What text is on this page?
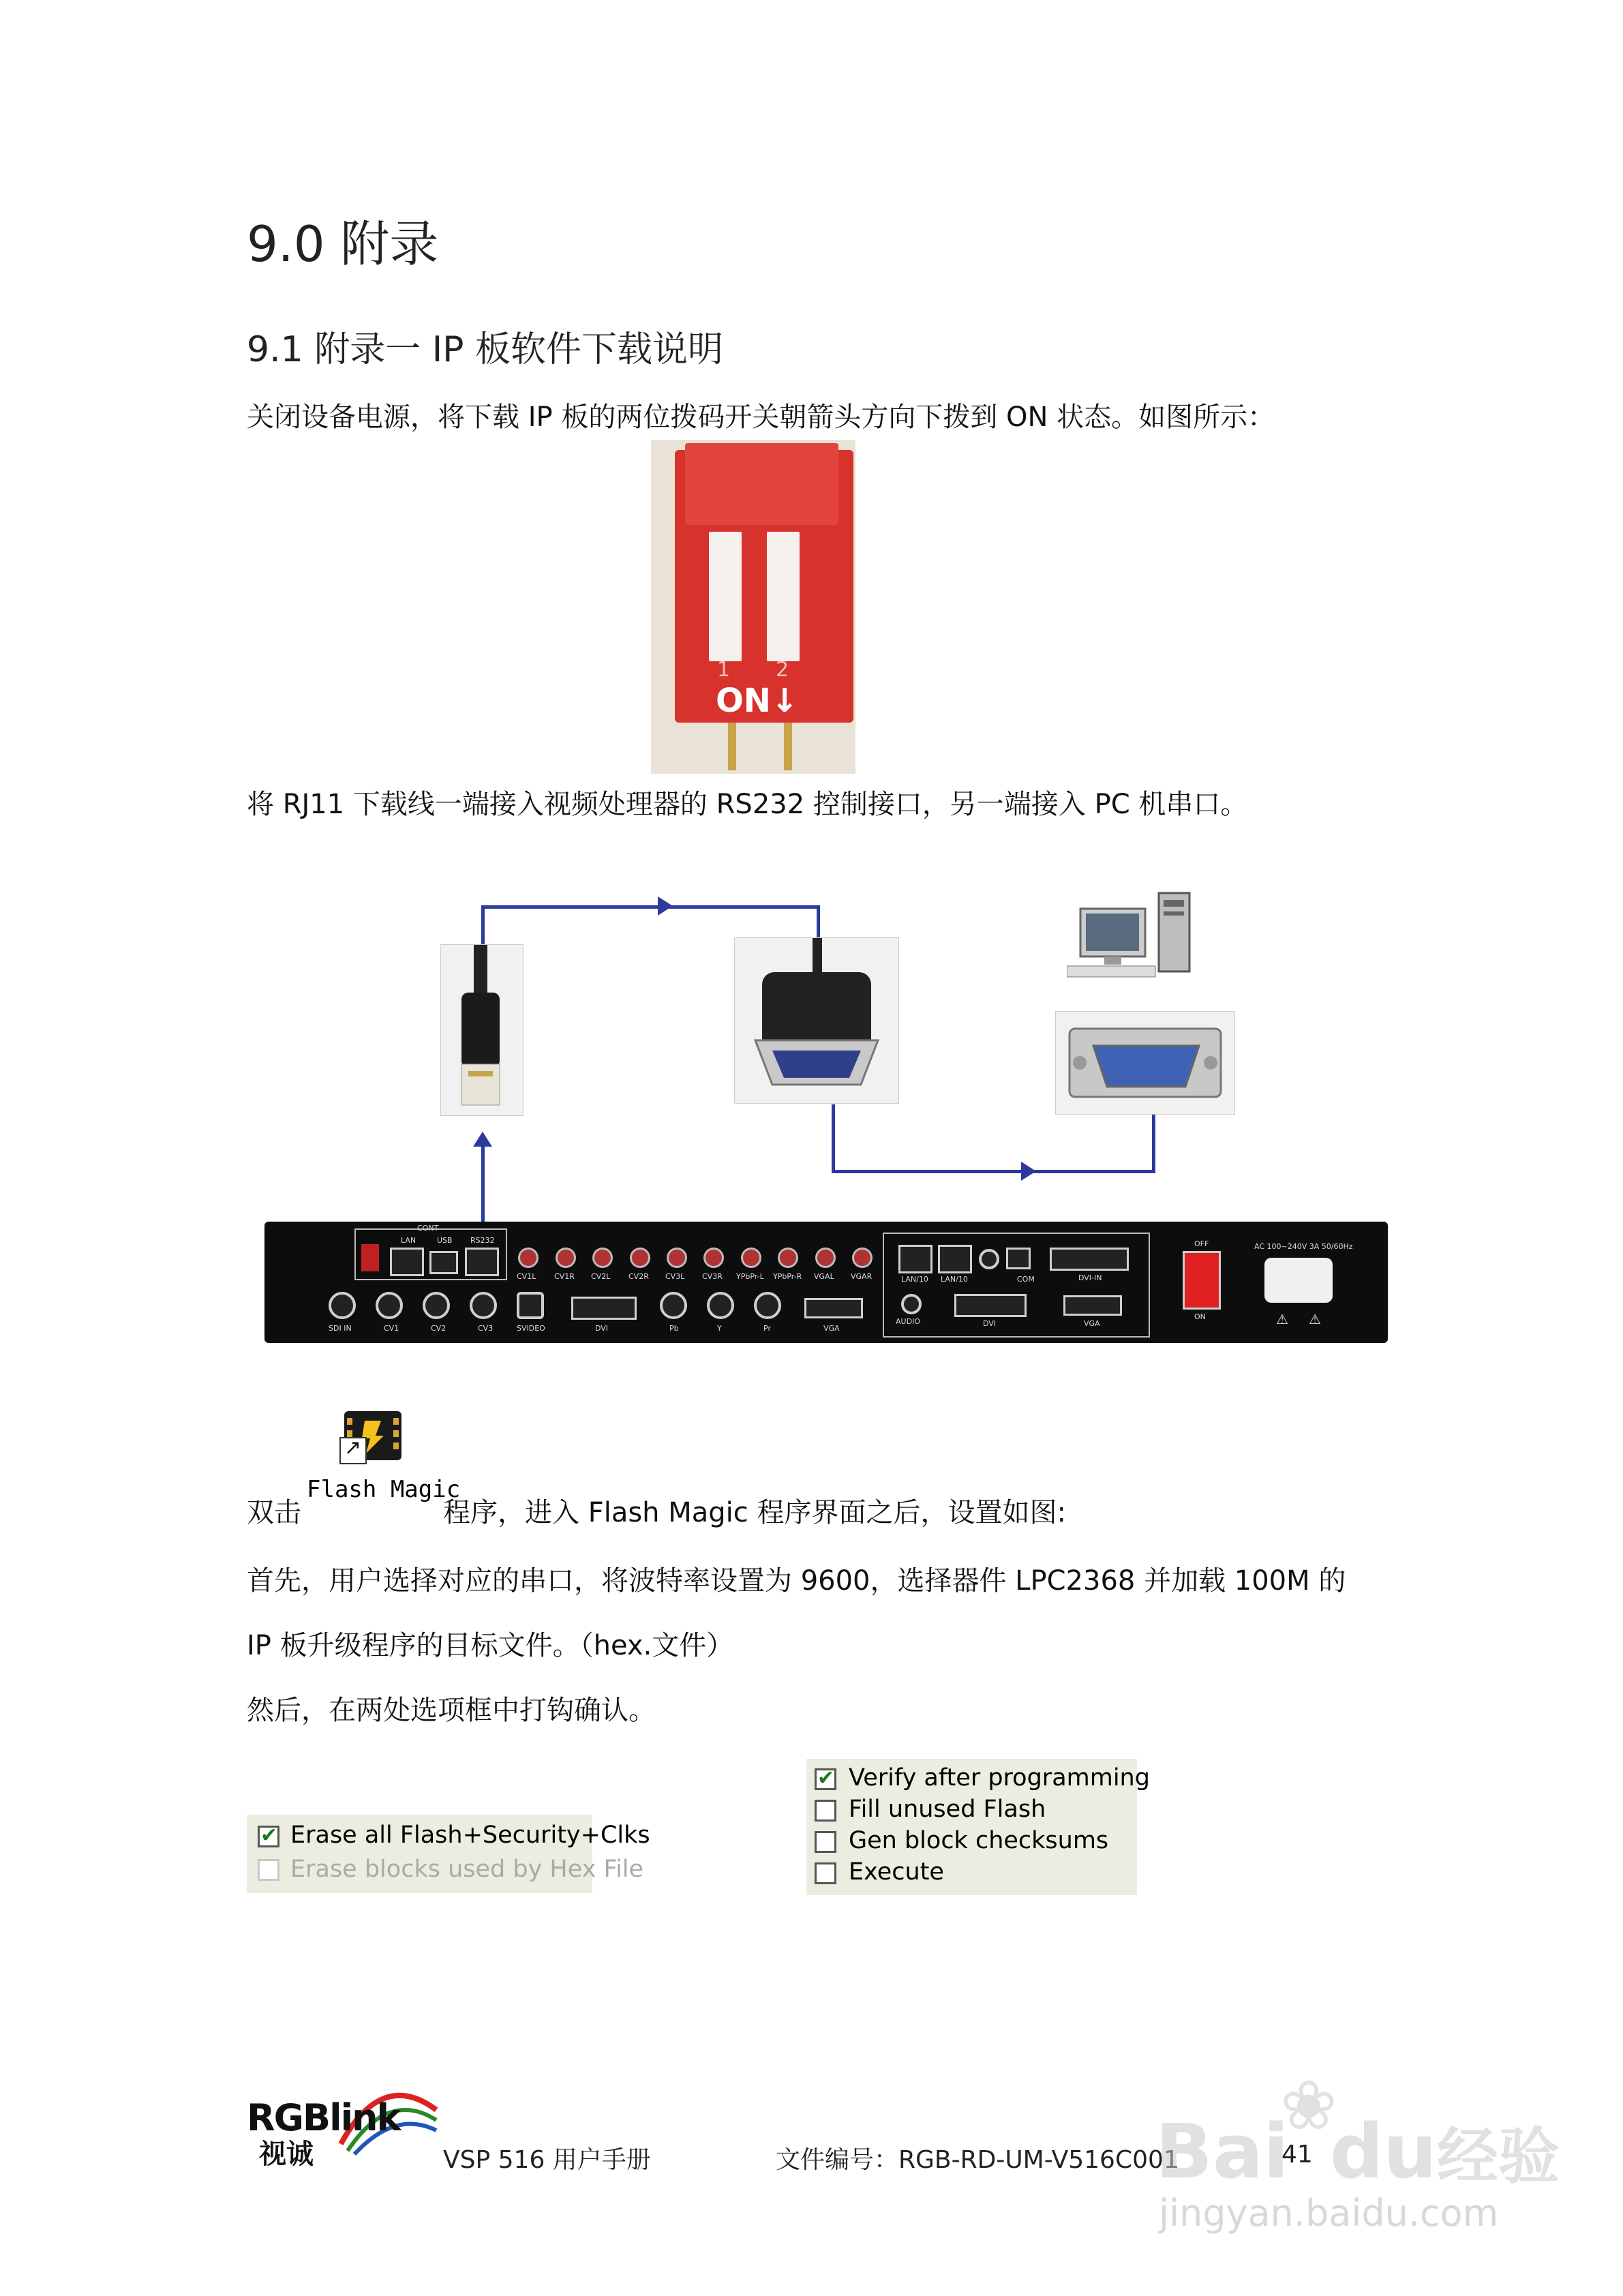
9.0 附录
9.1 附录一 IP 板软件下载说明
关闭设备电源，将下载 IP 板的两位拨码开关朝箭头方向下拨到 ON 状态。如图所示：
1 2
ON↓
将 RJ11 下载线一端接入视频处理器的 RS232 控制接口，另一端接入 PC 机串口。
CONT
LAN	USB RS232
CV1L CV1R CV2L CV2R CV3L CV3R YPbPr-L YPbPr-R VGAL VGAR
SDI IN	CV1	CV2	CV3	SVIDEO	DVI	Pb	Y	Pr	VGA
LAN/10 LAN/10	COM	DVI-IN
AUDIO	DVI	VGA
OFF
ON
AC 100~240V 3A 50/60Hz
⚠ ⚠
↗
Flash Magic
双击	程序，进入 Flash Magic 程序界面之后，设置如图:
首先，用户选择对应的串口，将波特率设置为 9600，选择器件 LPC2368 并加载 100M 的
IP 板升级程序的目标文件。（hex.文件）
然后，在两处选项框中打钩确认。
✔
Erase all Flash+Security+Clks
Erase blocks used by Hex File
✔
Verify after programming
Fill unused Flash
Gen block checksums
Execute
RGBlink
视诚	VSP 516 用户手册	文件编号：RGB-RD-UM-V516C001	41
Bai du经验
❀
jingyan.baidu.com
